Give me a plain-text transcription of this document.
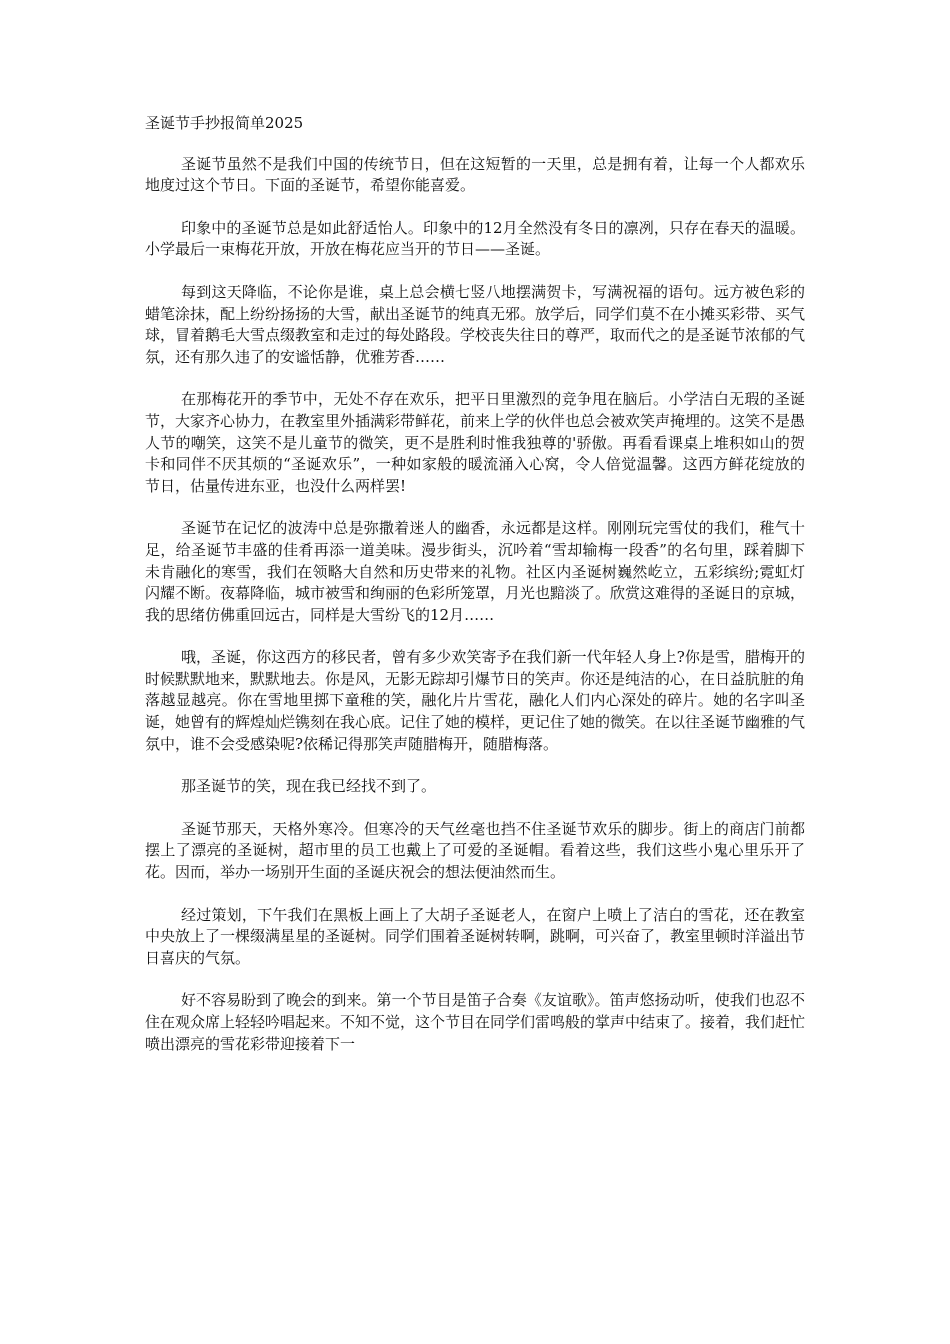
圣诞节手抄报简单2025

圣诞节虽然不是我们中国的传统节日，但在这短暂的一天里，总是拥有着，让每一个人都欢乐地度过这个节日。下面的圣诞节，希望你能喜爱。

印象中的圣诞节总是如此舒适怡人。印象中的12月全然没有冬日的凛冽，只存在春天的温暖。小学最后一束梅花开放，开放在梅花应当开的节日——圣诞。

每到这天降临，不论你是谁，桌上总会横七竖八地摆满贺卡，写满祝福的语句。远方被色彩的蜡笔涂抹，配上纷纷扬扬的大雪，献出圣诞节的纯真无邪。放学后，同学们莫不在小摊买彩带、买气球，冒着鹅毛大雪点缀教室和走过的每处路段。学校丧失往日的尊严，取而代之的是圣诞节浓郁的气氛，还有那久违了的安谧恬静，优雅芳香……

在那梅花开的季节中，无处不存在欢乐，把平日里激烈的竞争甩在脑后。小学洁白无瑕的圣诞节，大家齐心协力，在教室里外插满彩带鲜花，前来上学的伙伴也总会被欢笑声掩埋的。这笑不是愚人节的嘲笑，这笑不是儿童节的微笑，更不是胜利时惟我独尊的'骄傲。再看看课桌上堆积如山的贺卡和同伴不厌其烦的“圣诞欢乐”，一种如家般的暖流涌入心窝，令人倍觉温馨。这西方鲜花绽放的节日，估量传进东亚，也没什么两样罢!

圣诞节在记忆的波涛中总是弥撒着迷人的幽香，永远都是这样。刚刚玩完雪仗的我们，稚气十足，给圣诞节丰盛的佳肴再添一道美味。漫步街头，沉吟着“雪却输梅一段香”的名句里，踩着脚下未肯融化的寒雪，我们在领略大自然和历史带来的礼物。社区内圣诞树巍然屹立，五彩缤纷;霓虹灯闪耀不断。夜幕降临，城市被雪和绚丽的色彩所笼罩，月光也黯淡了。欣赏这难得的圣诞日的京城，我的思绪仿佛重回远古，同样是大雪纷飞的12月……

哦，圣诞，你这西方的移民者，曾有多少欢笑寄予在我们新一代年轻人身上?你是雪，腊梅开的时候默默地来，默默地去。你是风，无影无踪却引爆节日的笑声。你还是纯洁的心，在日益肮脏的角落越显越亮。你在雪地里掷下童稚的笑，融化片片雪花，融化人们内心深处的碎片。她的名字叫圣诞，她曾有的辉煌灿烂镌刻在我心底。记住了她的模样，更记住了她的微笑。在以往圣诞节幽雅的气氛中，谁不会受感染呢?依稀记得那笑声随腊梅开，随腊梅落。

那圣诞节的笑，现在我已经找不到了。

圣诞节那天，天格外寒冷。但寒冷的天气丝毫也挡不住圣诞节欢乐的脚步。街上的商店门前都摆上了漂亮的圣诞树，超市里的员工也戴上了可爱的圣诞帽。看着这些，我们这些小鬼心里乐开了花。因而，举办一场别开生面的圣诞庆祝会的想法便油然而生。

经过策划，下午我们在黑板上画上了大胡子圣诞老人，在窗户上喷上了洁白的雪花，还在教室中央放上了一棵缀满星星的圣诞树。同学们围着圣诞树转啊，跳啊，可兴奋了，教室里顿时洋溢出节日喜庆的气氛。

好不容易盼到了晚会的到来。第一个节目是笛子合奏《友谊歌》。笛声悠扬动听，使我们也忍不住在观众席上轻轻吟唱起来。不知不觉，这个节目在同学们雷鸣般的掌声中结束了。接着，我们赶忙喷出漂亮的雪花彩带迎接着下一
